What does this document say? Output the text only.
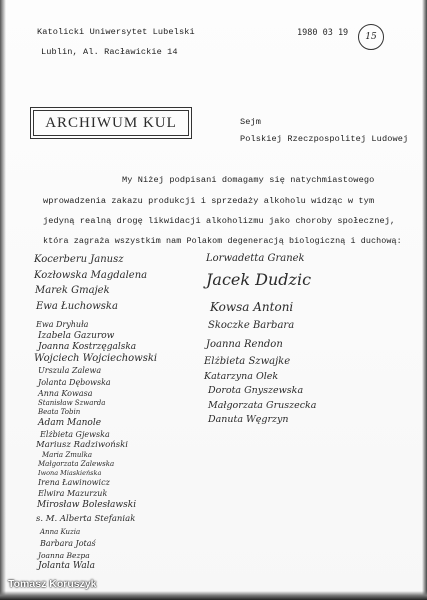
Katolicki Uniwersytet Lubelski
Lublin, Al. Racławickie 14
1980 03 19	15
ARCHIWUM KUL	Sejm
Polskiej Rzeczpospolitej Ludowej
My Niżej podpisani domagamy się natychmiastowego
wprowadzenia zakazu produkcji i sprzedaży alkoholu widząc w tym
jedyną realną drogę likwidacji alkoholizmu jako choroby społecznej,
która zagraża wszystkim nam Polakom degeneracją biologiczną i duchową:
Kocerberu Janusz
Kozłowska Magdalena
Marek Gmajek
Ewa Łuchowska
Ewa Dryhuła
Izabela Gazurow
Joanna Kostrzęgalska
Wojciech Wojciechowski
Urszula Zalewa
Jolanta Dębowska
Anna Kowasa
Stanisław Szwarda
Beata Tobin
Adam Manole
Elżbieta Gjewska
Mariusz Radziwoński
Maria Zmulka
Małgorzata Zalewska
Iwona Miaskieńska
Irena Ławinowicz
Elwira Mazurzuk
Mirosław Bolesławski
s. M. Alberta Stefaniak
Anna Kuzia
Barbara Jotaś
Joanna Bezpa
Jolanta Wala
Lorwadetta Granek
Jacek Dudzic
Kowsa Antoni
Skoczke Barbara
Joanna Rendon
Elżbieta Szwajke
Katarzyna Olek
Dorota Gnyszewska
Małgorzata Gruszecka
Danuta Węgrzyn
Tomasz Koruszyk
